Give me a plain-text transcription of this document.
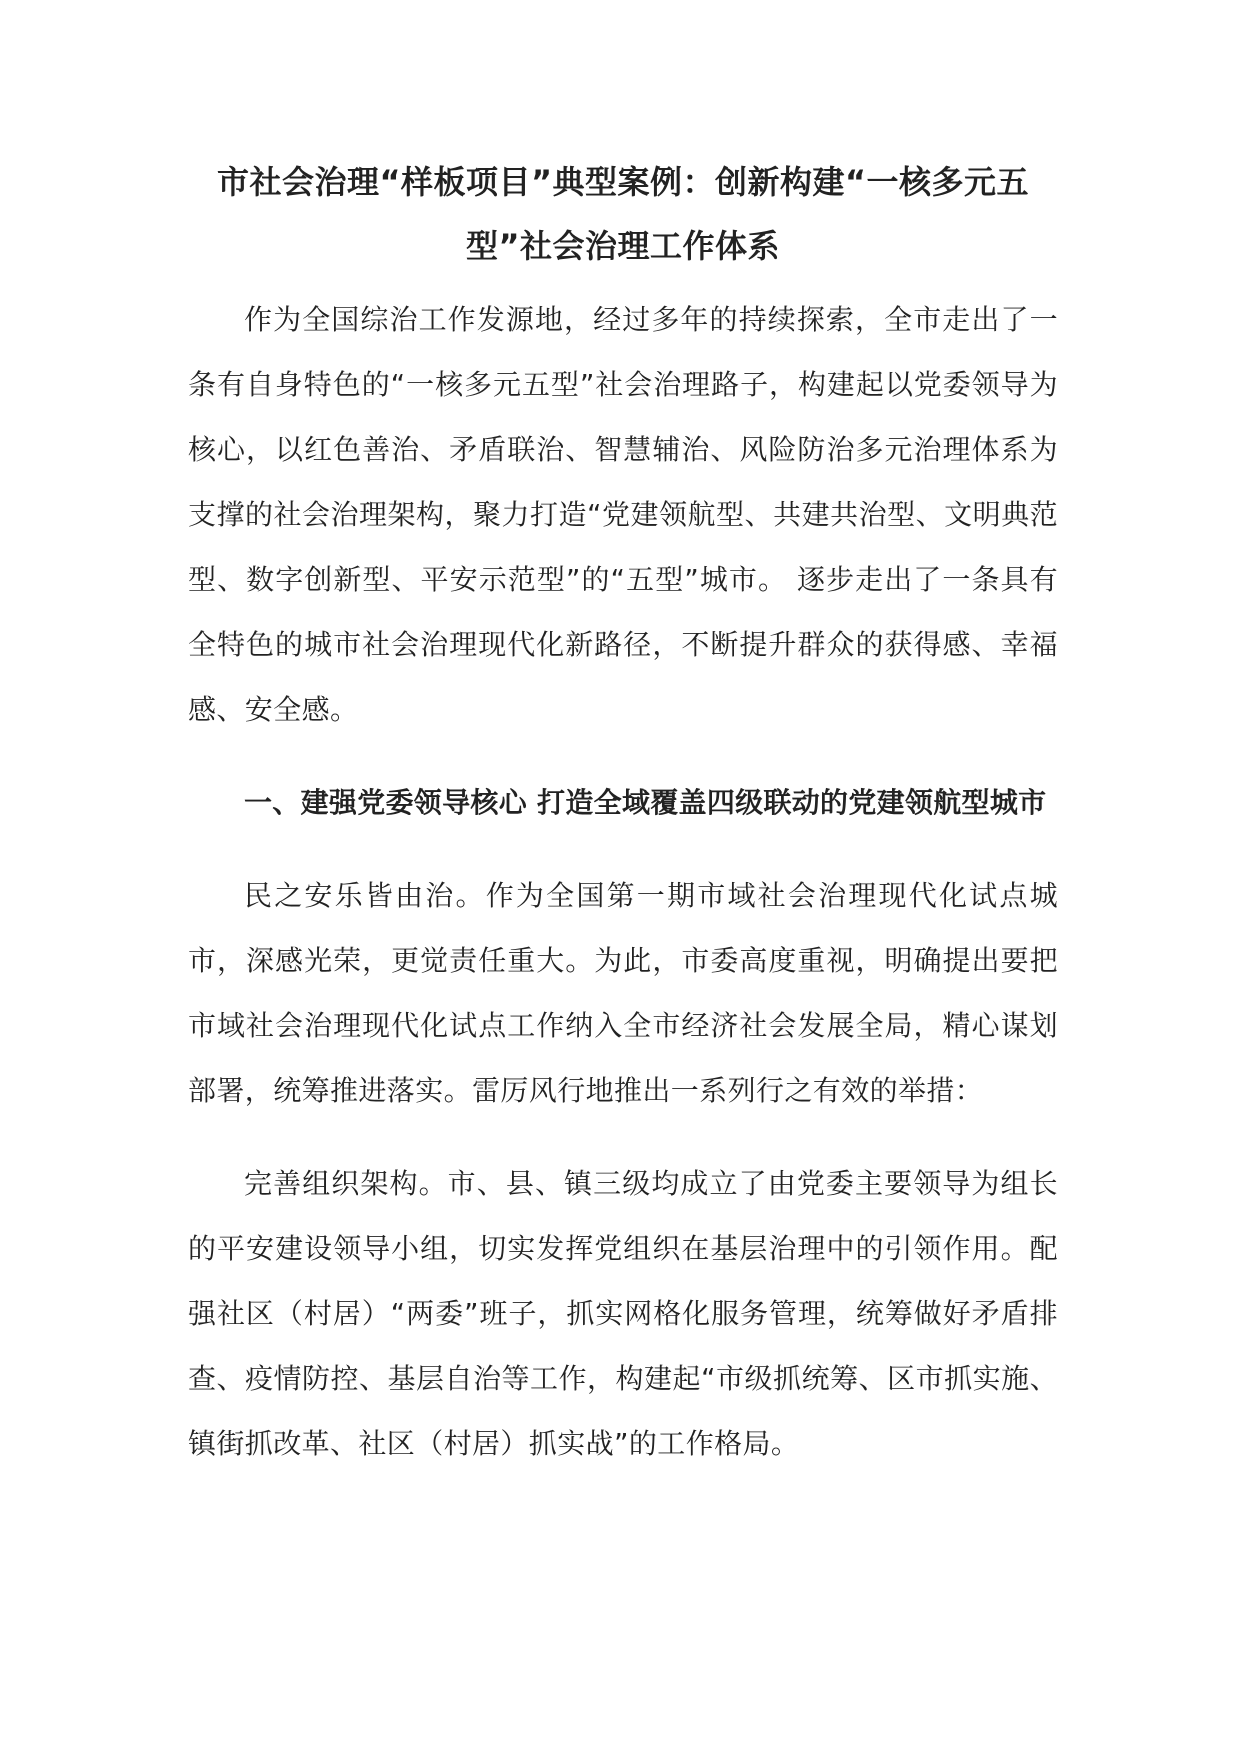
市社会治理“样板项目”典型案例：创新构建“一核多元五型”社会治理工作体系

作为全国综治工作发源地，经过多年的持续探索，全市走出了一条有自身特色的“一核多元五型”社会治理路子，构建起以党委领导为核心，以红色善治、矛盾联治、智慧辅治、风险防治多元治理体系为支撑的社会治理架构，聚力打造“党建领航型、共建共治型、文明典范型、数字创新型、平安示范型”的“五型”城市。 逐步走出了一条具有全特色的城市社会治理现代化新路径，不断提升群众的获得感、幸福感、安全感。

一、建强党委领导核心 打造全域覆盖四级联动的党建领航型城市

民之安乐皆由治。作为全国第一期市域社会治理现代化试点城市，深感光荣，更觉责任重大。为此，市委高度重视，明确提出要把市域社会治理现代化试点工作纳入全市经济社会发展全局，精心谋划部署，统筹推进落实。雷厉风行地推出一系列行之有效的举措：

完善组织架构。市、县、镇三级均成立了由党委主要领导为组长的平安建设领导小组，切实发挥党组织在基层治理中的引领作用。配强社区（村居）“两委”班子，抓实网格化服务管理，统筹做好矛盾排查、疫情防控、基层自治等工作，构建起“市级抓统筹、区市抓实施、镇街抓改革、社区（村居）抓实战”的工作格局。
